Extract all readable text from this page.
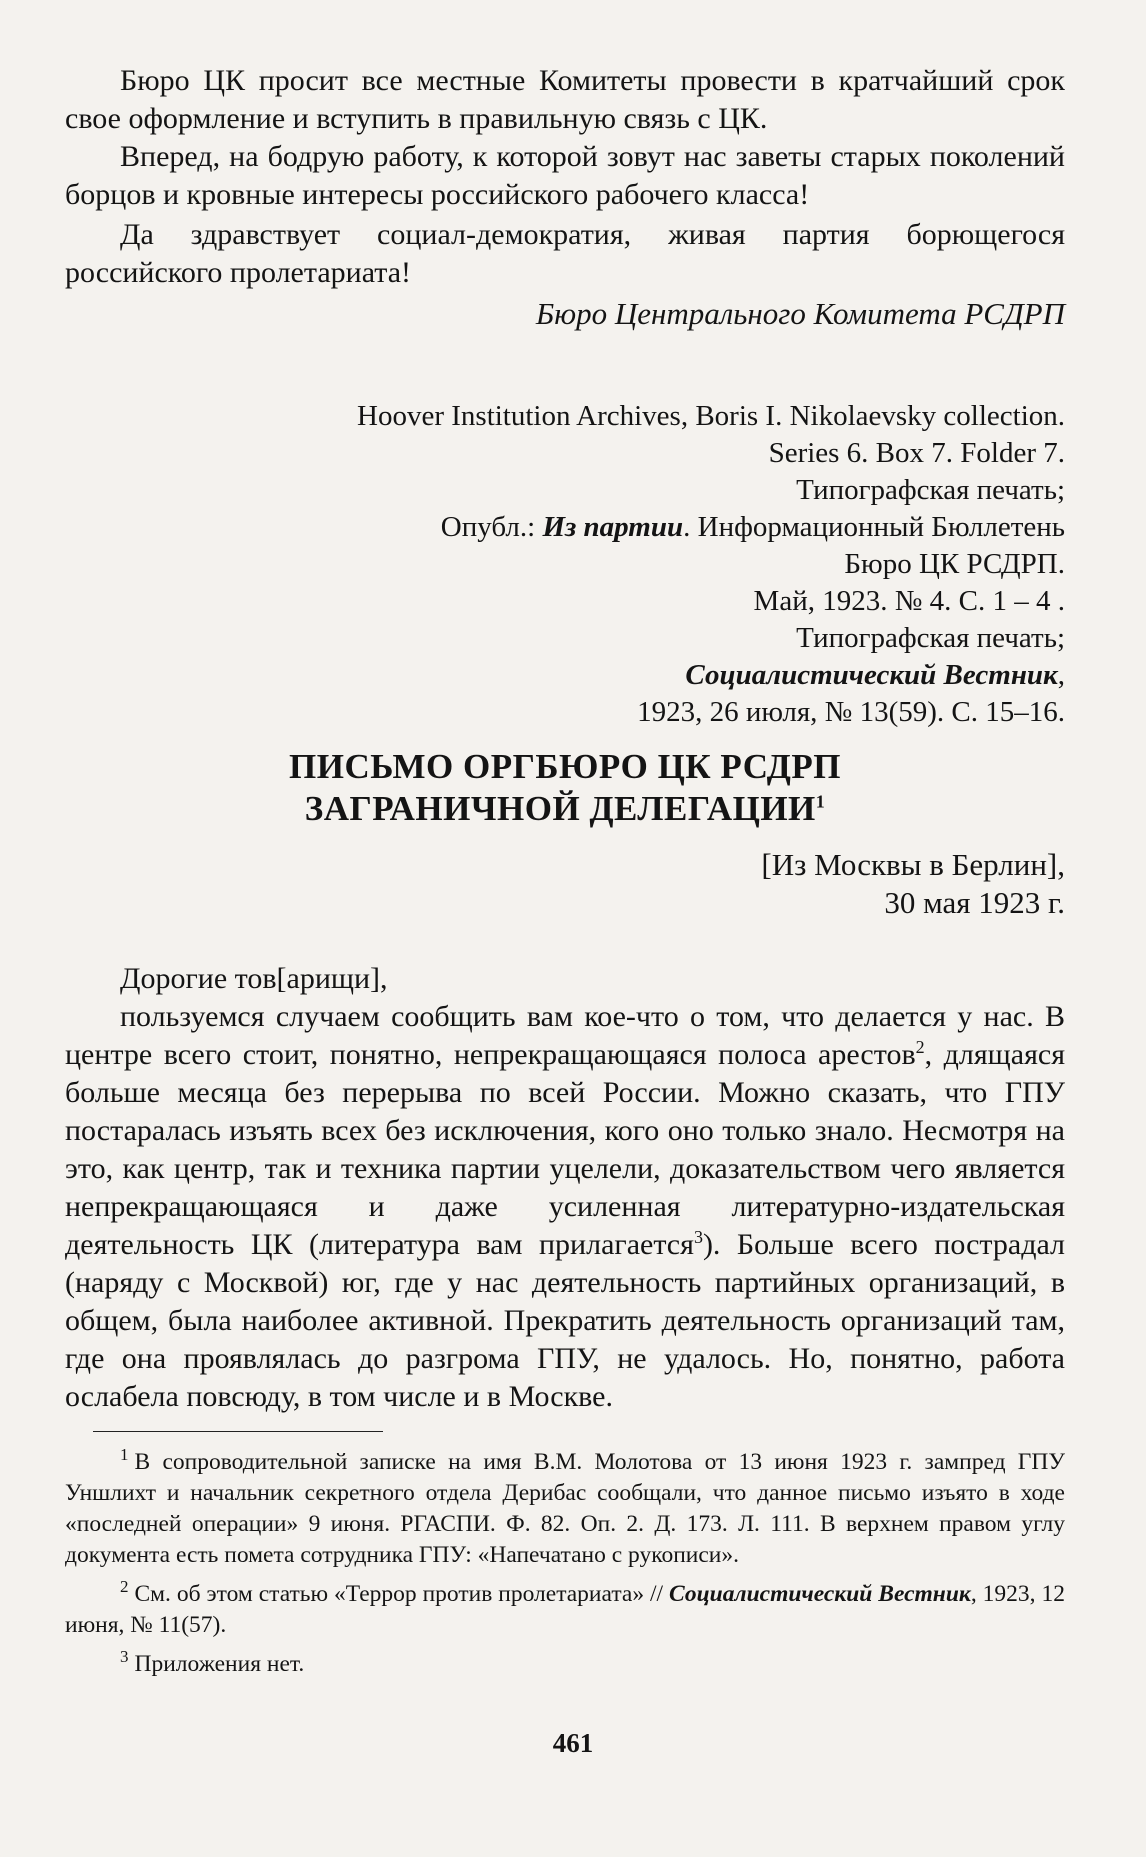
Бюро ЦК просит все местные Комитеты провести в кратчайший срок свое оформление и вступить в правильную связь с ЦК.

Вперед, на бодрую работу, к которой зовут нас заветы старых поколений борцов и кровные интересы российского рабочего класса!

Да здравствует социал-демократия, живая партия борющегося российского пролетариата!

Бюро Центрального Комитета РСДРП

Hoover Institution Archives, Boris I. Nikolaevsky collection.

Series 6. Box 7. Folder 7.

Типографская печать;

Опубл.: Из партии. Информационный Бюллетень

Бюро ЦК РСДРП.

Май, 1923. № 4. С. 1 – 4 .

Типографская печать;

Социалистический Вестник,

1923, 26 июля, № 13(59). С. 15–16.

ПИСЬМО ОРГБЮРО ЦК РСДРП
ЗАГРАНИЧНОЙ ДЕЛЕГАЦИИ$^1$

[Из Москвы в Берлин],

30 мая 1923 г.

Дорогие тов[арищи],

пользуемся случаем сообщить вам кое-что о том, что делается у нас. В центре всего стоит, понятно, непрекращающаяся полоса арестов$^2$, длящаяся больше месяца без перерыва по всей России. Можно сказать, что ГПУ постаралась изъять всех без исключения, кого оно только знало. Несмотря на это, как центр, так и техника партии уцелели, доказательством чего является непрекращающаяся и даже усиленная литературно-издательская деятельность ЦК (литература вам прилагается$^3$). Больше всего пострадал (наряду с Москвой) юг, где у нас деятельность партийных организаций, в общем, была наиболее активной. Прекратить деятельность организаций там, где она проявлялась до разгрома ГПУ, не удалось. Но, понятно, работа ослабела повсюду, в том числе и в Москве.

$^1$ В сопроводительной записке на имя В.М. Молотова от 13 июня 1923 г. зампред ГПУ Уншлихт и начальник секретного отдела Дерибас сообщали, что данное письмо изъято в ходе «последней операции» 9 июня. РГАСПИ. Ф. 82. Оп. 2. Д. 173. Л. 111. В верхнем правом углу документа есть помета сотрудника ГПУ: «Напечатано с рукописи».

$^2$ См. об этом статью «Террор против пролетариата» // Социалистический Вестник, 1923, 12 июня, № 11(57).

$^3$ Приложения нет.

461
